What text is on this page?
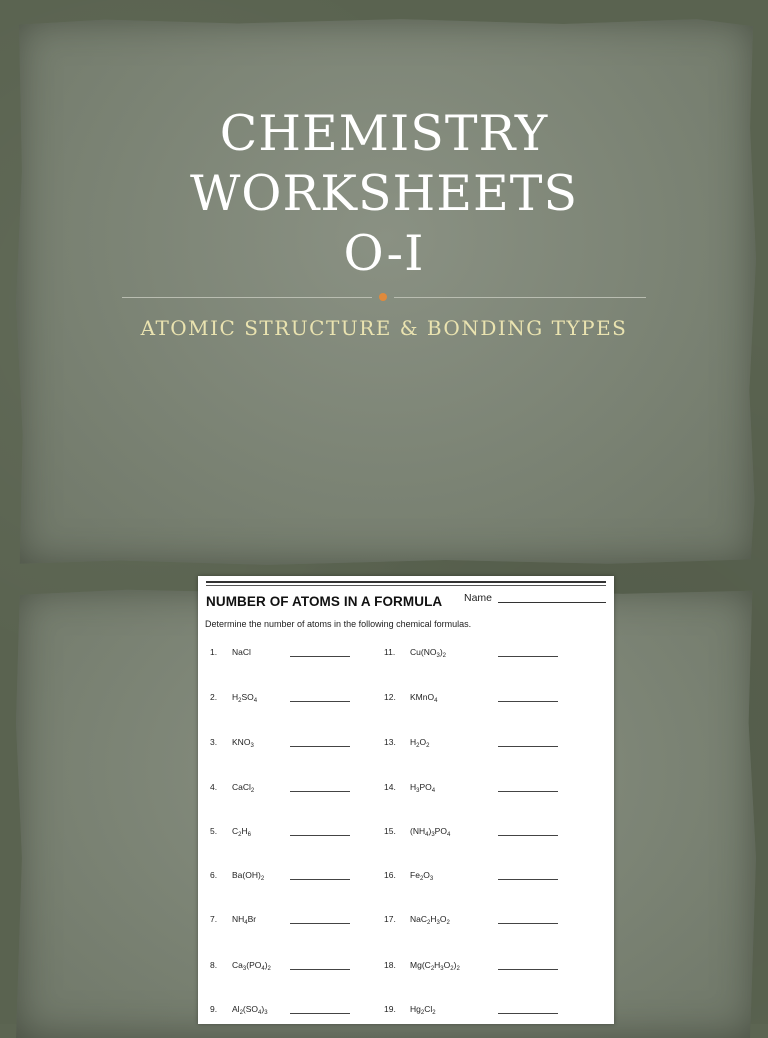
CHEMISTRY
WORKSHEETS
O-I
ATOMIC STRUCTURE & BONDING TYPES
NUMBER OF ATOMS IN A FORMULA Name
Determine the number of atoms in the following chemical formulas.
1. NaCl
2. $H_2SO_4$
3. $KNO_3$
4. CaCl$_2$
5. $C_2H_6$
6. $Ba(OH)_2$
7. $NH_4Br$
8. $Ca_3(PO_4)_2$
9. $Al_2(SO_4)_3$
11. $Cu(NO_3)_2$
12. KMnO$_4$
13. $H_2O_2$
14. $H_3PO_4$
15. $(NH_4)_3PO_4$
16. $Fe_2O_3$
17. $NaC_2H_3O_2$
18. $Mg(C_2H_3O_2)_2$
19. $Hg_2Cl_2$
